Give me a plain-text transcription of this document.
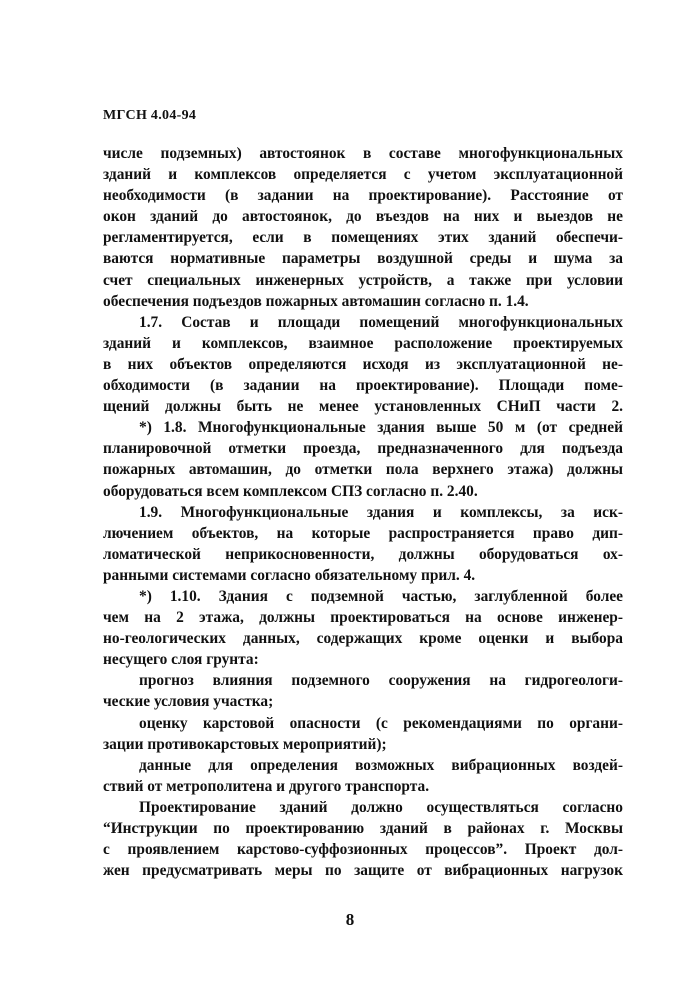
МГСН 4.04-94
числе подземных) автостоянок в составе многофункциональных
зданий и комплексов определяется с учетом эксплуатационной
необходимости (в задании на проектирование). Расстояние от
окон зданий до автостоянок, до въездов на них и выездов не
регламентируется, если в помещениях этих зданий обеспечи-
ваются нормативные параметры воздушной среды и шума за
счет специальных инженерных устройств, а также при условии
обеспечения подъездов пожарных автомашин согласно п. 1.4.
1.7. Состав и площади помещений многофункциональных
зданий и комплексов, взаимное расположение проектируемых
в них объектов определяются исходя из эксплуатационной не-
обходимости (в задании на проектирование). Площади поме-
щений должны быть не менее установленных СНиП части 2.
*) 1.8. Многофункциональные здания выше 50 м (от средней
планировочной отметки проезда, предназначенного для подъезда
пожарных автомашин, до отметки пола верхнего этажа) должны
оборудоваться всем комплексом СПЗ согласно п. 2.40.
1.9. Многофункциональные здания и комплексы, за иск-
лючением объектов, на которые распространяется право дип-
ломатической неприкосновенности, должны оборудоваться ох-
ранными системами согласно обязательному прил. 4.
*) 1.10. Здания с подземной частью, заглубленной более
чем на 2 этажа, должны проектироваться на основе инженер-
но-геологических данных, содержащих кроме оценки и выбора
несущего слоя грунта:
прогноз влияния подземного сооружения на гидрогеологи-
ческие условия участка;
оценку карстовой опасности (с рекомендациями по органи-
зации противокарстовых мероприятий);
данные для определения возможных вибрационных воздей-
ствий от метрополитена и другого транспорта.
Проектирование зданий должно осуществляться согласно
“Инструкции по проектированию зданий в районах г. Москвы
с проявлением карстово-суффозионных процессов”. Проект дол-
жен предусматривать меры по защите от вибрационных нагрузок
8
